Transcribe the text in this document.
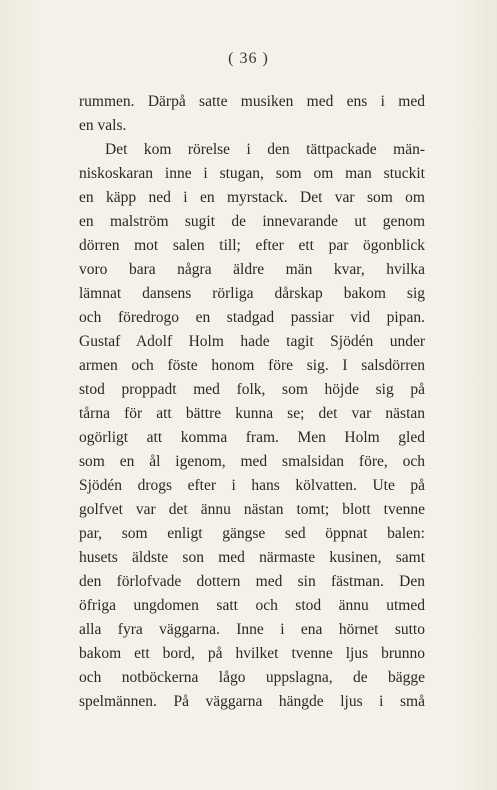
( 36 )
rummen. Därpå satte musiken med ens i med
en vals.
Det kom rörelse i den tättpackade män-
niskoskaran inne i stugan, som om man stuckit
en käpp ned i en myrstack. Det var som om
en malström sugit de innevarande ut genom
dörren mot salen till; efter ett par ögonblick
voro bara några äldre män kvar, hvilka
lämnat dansens rörliga dårskap bakom sig
och föredrogo en stadgad passiar vid pipan.
Gustaf Adolf Holm hade tagit Sjödén under
armen och föste honom före sig. I salsdörren
stod proppadt med folk, som höjde sig på
tårna för att bättre kunna se; det var nästan
ogörligt att komma fram. Men Holm gled
som en ål igenom, med smalsidan före, och
Sjödén drogs efter i hans kölvatten. Ute på
golfvet var det ännu nästan tomt; blott tvenne
par, som enligt gängse sed öppnat balen:
husets äldste son med närmaste kusinen, samt
den förlofvade dottern med sin fästman. Den
öfriga ungdomen satt och stod ännu utmed
alla fyra väggarna. Inne i ena hörnet sutto
bakom ett bord, på hvilket tvenne ljus brunno
och notböckerna lågo uppslagna, de bägge
spelmännen. På väggarna hängde ljus i små
